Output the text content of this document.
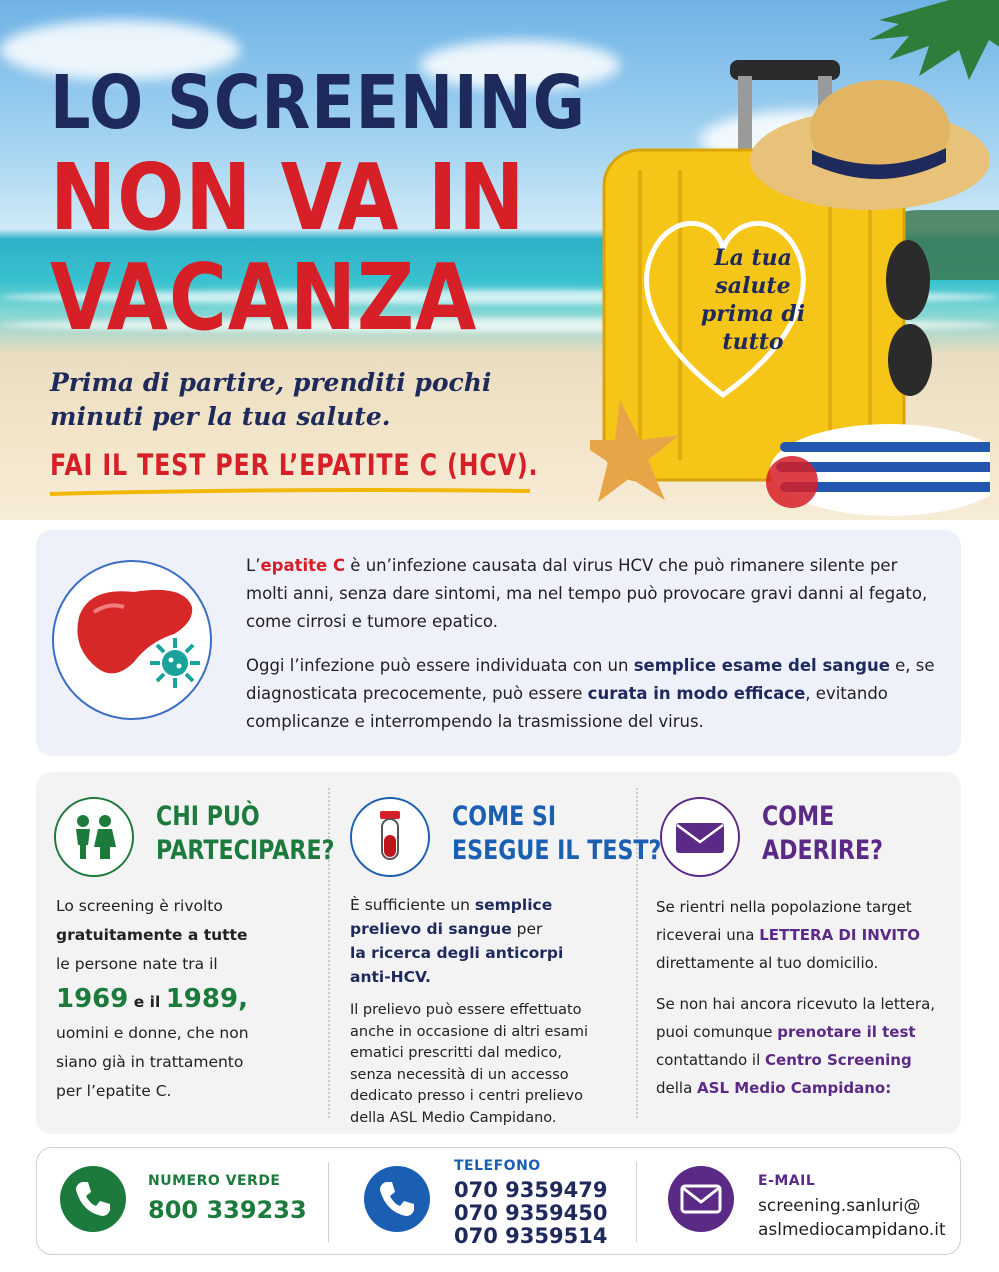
La tua salute prima di tutto
LO SCREENING
NON VA IN
VACANZA
Prima di partire, prenditi pochi minuti per la tua salute.
FAI IL TEST PER L’EPATITE C (HCV).

L’epatite C è un’infezione causata dal virus HCV che può rimanere silente per molti anni, senza dare sintomi, ma nel tempo può provocare gravi danni al fegato, come cirrosi e tumore epatico.

Oggi l’infezione può essere individuata con un semplice esame del sangue e, se diagnosticata precocemente, può essere curata in modo efficace, evitando complicanze e interrompendo la trasmissione del virus.

CHI PUÒ
PARTECIPARE?
Lo screening è rivolto
gratuitamente a tutte
le persone nate tra il
1969 e il 1989,
uomini e donne, che non
siano già in trattamento
per l’epatite C.
COME SI
ESEGUE IL TEST?
È sufficiente un semplice
prelievo di sangue per
la ricerca degli anticorpi
anti-HCV.
Il prelievo può essere effettuato
anche in occasione di altri esami
ematici prescritti dal medico,
senza necessità di un accesso
dedicato presso i centri prelievo
della ASL Medio Campidano.
COME
ADERIRE?
Se rientri nella popolazione target
riceverai una LETTERA DI INVITO
direttamente al tuo domicilio.
Se non hai ancora ricevuto la lettera,
puoi comunque prenotare il test
contattando il Centro Screening
della ASL Medio Campidano:
NUMERO VERDE
800 339233
TELEFONO
070 9359479
070 9359450
070 9359514
E-MAIL
screening.sanluri@
aslmediocampidano.it
